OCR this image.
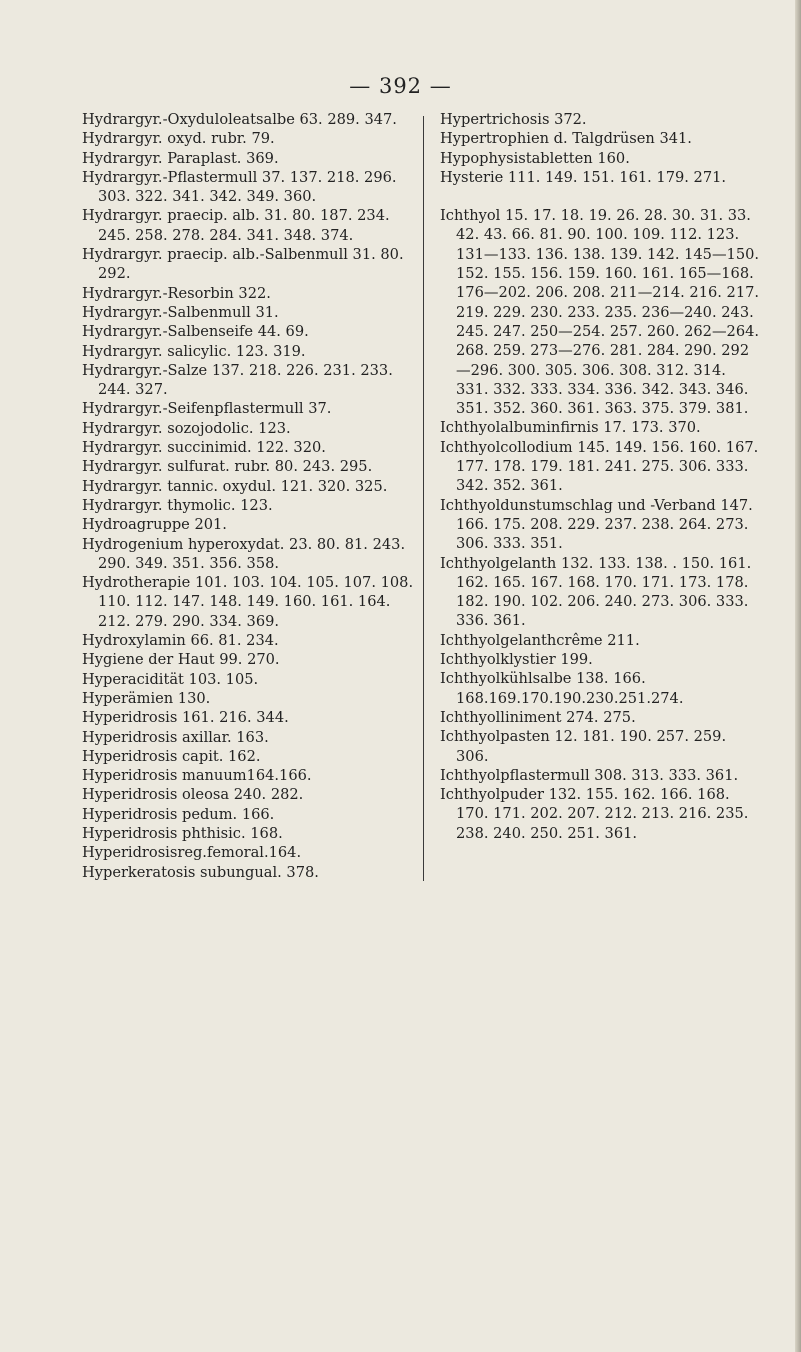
— 392 —
Hydrargyr.-Oxyduloleatsalbe 63. 289. 347.
Hydrargyr. oxyd. rubr. 79.
Hydrargyr. Paraplast. 369.
Hydrargyr.-Pflastermull 37. 137. 218. 296. 303. 322. 341. 342. 349. 360.
Hydrargyr. praecip. alb. 31. 80. 187. 234. 245. 258. 278. 284. 341. 348. 374.
Hydrargyr. praecip. alb.-Salbenmull 31. 80. 292.
Hydrargyr.-Resorbin 322.
Hydrargyr.-Salbenmull 31.
Hydrargyr.-Salbenseife 44. 69.
Hydrargyr. salicylic. 123. 319.
Hydrargyr.-Salze 137. 218. 226. 231. 233. 244. 327.
Hydrargyr.-Seifenpflastermull 37.
Hydrargyr. sozojodolic. 123.
Hydrargyr. succinimid. 122. 320.
Hydrargyr. sulfurat. rubr. 80. 243. 295.
Hydrargyr. tannic. oxydul. 121. 320. 325.
Hydrargyr. thymolic. 123.
Hydroagruppe 201.
Hydrogenium hyperoxydat. 23. 80. 81. 243. 290. 349. 351. 356. 358.
Hydrotherapie 101. 103. 104. 105. 107. 108. 110. 112. 147. 148. 149. 160. 161. 164. 212. 279. 290. 334. 369.
Hydroxylamin 66. 81. 234.
Hygiene der Haut 99. 270.
Hyperacidität 103. 105.
Hyperämien 130.
Hyperidrosis 161. 216. 344.
Hyperidrosis axillar. 163.
Hyperidrosis capit. 162.
Hyperidrosis manuum164.166.
Hyperidrosis oleosa 240. 282.
Hyperidrosis pedum. 166.
Hyperidrosis phthisic. 168.
Hyperidrosisreg.femoral.164.
Hyperkeratosis subungual. 378.
Hypertrichosis 372.
Hypertrophien d. Talgdrüsen 341.
Hypophysistabletten 160.
Hysterie 111. 149. 151. 161. 179. 271.
Ichthyol 15. 17. 18. 19. 26. 28. 30. 31. 33. 42. 43. 66. 81. 90. 100. 109. 112. 123. 131—133. 136. 138. 139. 142. 145—150. 152. 155. 156. 159. 160. 161. 165—168. 176—202. 206. 208. 211—214. 216. 217. 219. 229. 230. 233. 235. 236—240. 243. 245. 247. 250—254. 257. 260. 262—264. 268. 259. 273—276. 281. 284. 290. 292—296. 300. 305. 306. 308. 312. 314. 331. 332. 333. 334. 336. 342. 343. 346. 351. 352. 360. 361. 363. 375. 379. 381.
Ichthyolalbuminfirnis 17. 173. 370.
Ichthyolcollodium 145. 149. 156. 160. 167. 177. 178. 179. 181. 241. 275. 306. 333. 342. 352. 361.
Ichthyoldunstumschlag und -Verband 147. 166. 175. 208. 229. 237. 238. 264. 273. 306. 333. 351.
Ichthyolgelanth 132. 133. 138. . 150. 161. 162. 165. 167. 168. 170. 171. 173. 178. 182. 190. 102. 206. 240. 273. 306. 333. 336. 361.
Ichthyolgelanthcrême 211.
Ichthyolklystier 199.
Ichthyolkühlsalbe 138. 166. 168.169.170.190.230.251.274.
Ichthyolliniment 274. 275.
Ichthyolpasten 12. 181. 190. 257. 259. 306.
Ichthyolpflastermull 308. 313. 333. 361.
Ichthyolpuder 132. 155. 162. 166. 168. 170. 171. 202. 207. 212. 213. 216. 235. 238. 240. 250. 251. 361.
